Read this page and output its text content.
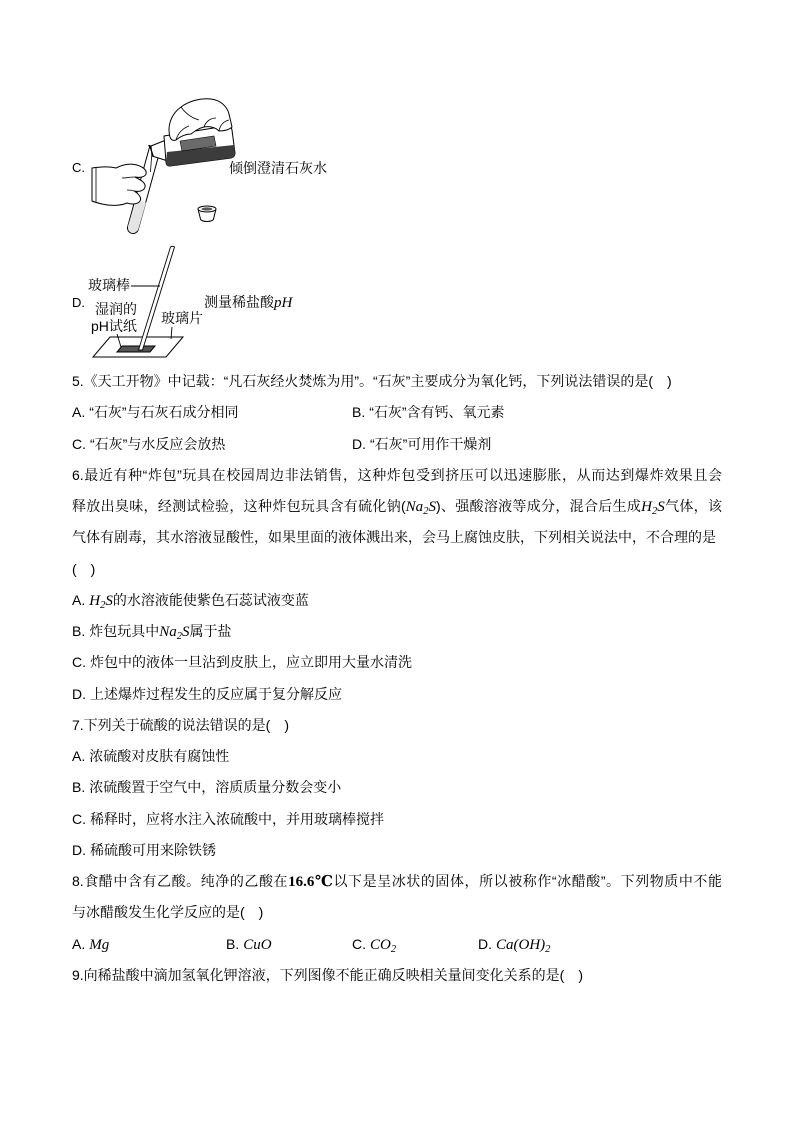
C.	倾倒澄清石灰水
D.
玻璃棒
湿润的
pH试纸 玻璃片
测量稀盐酸pH
5.《天工开物》中记载：“凡石灰经火焚炼为用”。“石灰”主要成分为氧化钙，下列说法错误的是(　)
A. “石灰”与石灰石成分相同	B. “石灰”含有钙、氧元素
C. “石灰”与水反应会放热	D. “石灰”可用作干燥剂
6.最近有种“炸包”玩具在校园周边非法销售，这种炸包受到挤压可以迅速膨胀，从而达到爆炸效果且会
释放出臭味，经测试检验，这种炸包玩具含有硫化钠$(Na_2S)$、强酸溶液等成分，混合后生成$H_2S$气体，该
气体有剧毒，其水溶液显酸性，如果里面的液体溅出来，会马上腐蚀皮肤，下列相关说法中，不合理的是
(　)
A. $H_2S$的水溶液能使紫色石蕊试液变蓝
B. 炸包玩具中$Na_2S$属于盐
C. 炸包中的液体一旦沾到皮肤上，应立即用大量水清洗
D. 上述爆炸过程发生的反应属于复分解反应
7.下列关于硫酸的说法错误的是(　)
A. 浓硫酸对皮肤有腐蚀性
B. 浓硫酸置于空气中，溶质质量分数会变小
C. 稀释时，应将水注入浓硫酸中，并用玻璃棒搅拌
D. 稀硫酸可用来除铁锈
8.食醋中含有乙酸。纯净的乙酸在16.6℃以下是呈冰状的固体，所以被称作“冰醋酸”。下列物质中不能
与冰醋酸发生化学反应的是(　)
A. Mg	B. CuO	C. $CO_2$	D. $Ca(OH)_2$
9.向稀盐酸中滴加氢氧化钾溶液，下列图像不能正确反映相关量间变化关系的是(　)
